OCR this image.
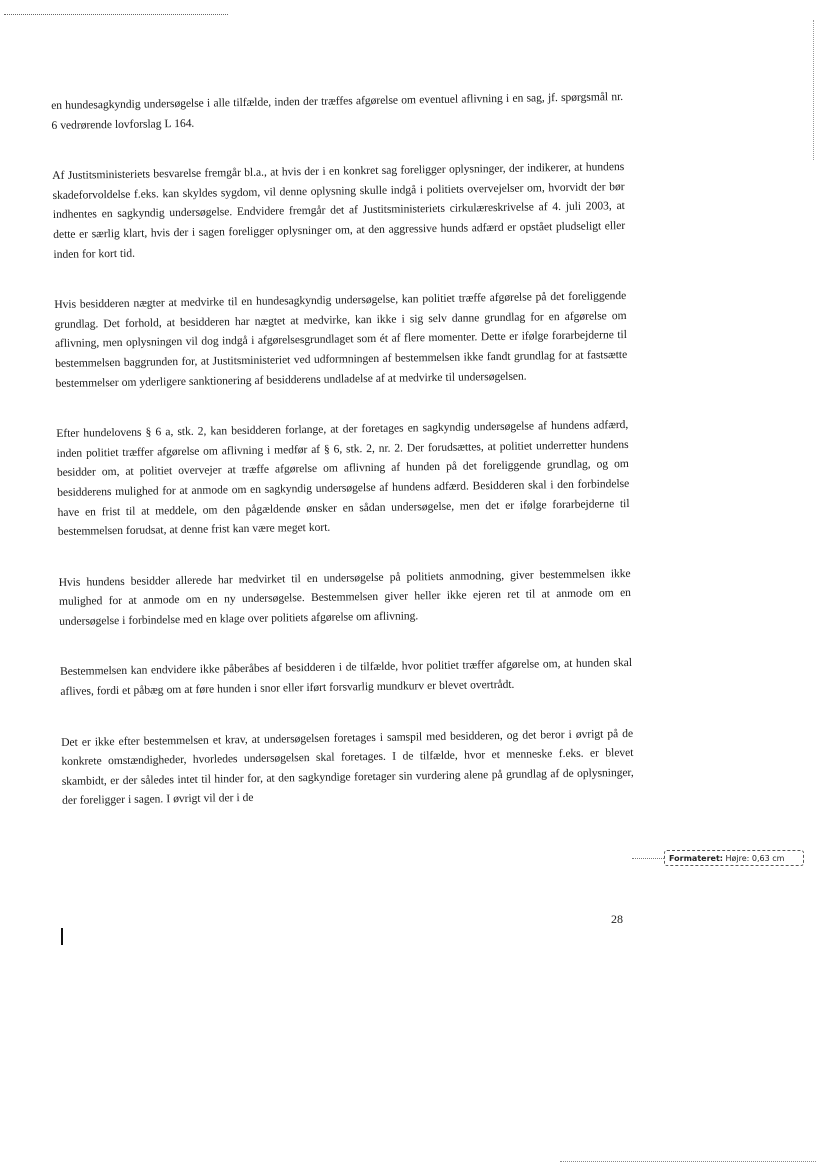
en hundesagkyndig undersøgelse i alle tilfælde, inden der træffes afgørelse om eventuel aflivning i en sag, jf. spørgsmål nr. 6 vedrørende lovforslag L 164.

Af Justitsministeriets besvarelse fremgår bl.a., at hvis der i en konkret sag foreligger oplysninger, der indikerer, at hundens skadeforvoldelse f.eks. kan skyldes sygdom, vil denne oplysning skulle indgå i politiets overvejelser om, hvorvidt der bør indhentes en sagkyndig undersøgelse. Endvidere fremgår det af Justitsministeriets cirkulæreskrivelse af 4. juli 2003, at dette er særlig klart, hvis der i sagen foreligger oplysninger om, at den aggressive hunds adfærd er opstået pludseligt eller inden for kort tid.

Hvis besidderen nægter at medvirke til en hundesagkyndig undersøgelse, kan politiet træffe afgørelse på det foreliggende grundlag. Det forhold, at besidderen har nægtet at medvirke, kan ikke i sig selv danne grundlag for en afgørelse om aflivning, men oplysningen vil dog indgå i afgørelsesgrundlaget som ét af flere momenter. Dette er ifølge forarbejderne til bestemmelsen baggrunden for, at Justitsministeriet ved udformningen af bestemmelsen ikke fandt grundlag for at fastsætte bestemmelser om yderligere sanktionering af besidderens undladelse af at medvirke til undersøgelsen.

Efter hundelovens § 6 a, stk. 2, kan besidderen forlange, at der foretages en sagkyndig undersøgelse af hundens adfærd, inden politiet træffer afgørelse om aflivning i medfør af § 6, stk. 2, nr. 2. Der forudsættes, at politiet underretter hundens besidder om, at politiet overvejer at træffe afgørelse om aflivning af hunden på det foreliggende grundlag, og om besidderens mulighed for at anmode om en sagkyndig undersøgelse af hundens adfærd. Besidderen skal i den forbindelse have en frist til at meddele, om den pågældende ønsker en sådan undersøgelse, men det er ifølge forarbejderne til bestemmelsen forudsat, at denne frist kan være meget kort.

Hvis hundens besidder allerede har medvirket til en undersøgelse på politiets anmodning, giver bestemmelsen ikke mulighed for at anmode om en ny undersøgelse. Bestemmelsen giver heller ikke ejeren ret til at anmode om en undersøgelse i forbindelse med en klage over politiets afgørelse om aflivning.

Bestemmelsen kan endvidere ikke påberåbes af besidderen i de tilfælde, hvor politiet træffer afgørelse om, at hunden skal aflives, fordi et påbæg om at føre hunden i snor eller iført forsvarlig mundkurv er blevet overtrådt.

Det er ikke efter bestemmelsen et krav, at undersøgelsen foretages i samspil med besidderen, og det beror i øvrigt på de konkrete omstændigheder, hvorledes undersøgelsen skal foretages. I de tilfælde, hvor et menneske f.eks. er blevet skambidt, er der således intet til hinder for, at den sagkyndige foretager sin vurdering alene på grundlag af de oplysninger, der foreligger i sagen. I øvrigt vil der i de

Formateret: Højre: 0,63 cm
28
